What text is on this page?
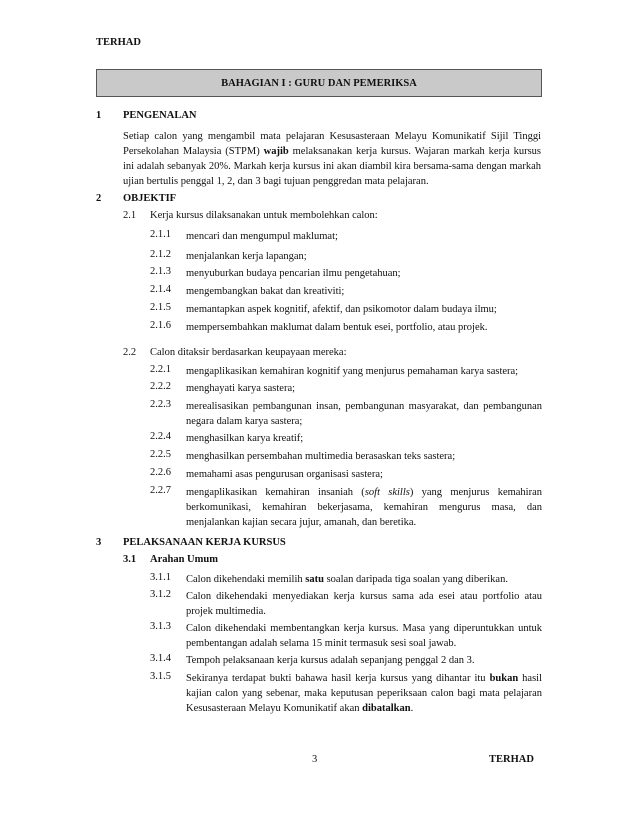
TERHAD
BAHAGIAN I : GURU DAN PEMERIKSA
1 PENGENALAN
Setiap calon yang mengambil mata pelajaran Kesusasteraan Melayu Komunikatif Sijil Tinggi Persekolahan Malaysia (STPM) wajib melaksanakan kerja kursus. Wajaran markah kerja kursus ini adalah sebanyak 20%. Markah kerja kursus ini akan diambil kira bersama-sama dengan markah ujian bertulis penggal 1, 2, dan 3 bagi tujuan penggredan mata pelajaran.
2 OBJEKTIF
2.1 Kerja kursus dilaksanakan untuk membolehkan calon:
2.1.1	mencari dan mengumpul maklumat;
2.1.2	menjalankan kerja lapangan;
2.1.3	menyuburkan budaya pencarian ilmu pengetahuan;
2.1.4	mengembangkan bakat dan kreativiti;
2.1.5	memantapkan aspek kognitif, afektif, dan psikomotor dalam budaya ilmu;
2.1.6	mempersembahkan maklumat dalam bentuk esei, portfolio, atau projek.
2.2 Calon ditaksir berdasarkan keupayaan mereka:
2.2.1	mengaplikasikan kemahiran kognitif yang menjurus pemahaman karya sastera;
2.2.2	menghayati karya sastera;
2.2.3	merealisasikan pembangunan insan, pembangunan masyarakat, dan pembangunan negara dalam karya sastera;
2.2.4	menghasilkan karya kreatif;
2.2.5	menghasilkan persembahan multimedia berasaskan teks sastera;
2.2.6	memahami asas pengurusan organisasi sastera;
2.2.7	mengaplikasikan kemahiran insaniah (soft skills) yang menjurus kemahiran berkomunikasi, kemahiran bekerjasama, kemahiran mengurus masa, dan menjalankan kajian secara jujur, amanah, dan beretika.
3 PELAKSANAAN KERJA KURSUS
3.1 Arahan Umum
3.1.1	Calon dikehendaki memilih satu soalan daripada tiga soalan yang diberikan.
3.1.2	Calon dikehendaki menyediakan kerja kursus sama ada esei atau portfolio atau projek multimedia.
3.1.3	Calon dikehendaki membentangkan kerja kursus. Masa yang diperuntukkan untuk pembentangan adalah selama 15 minit termasuk sesi soal jawab.
3.1.4	Tempoh pelaksanaan kerja kursus adalah sepanjang penggal 2 dan 3.
3.1.5	Sekiranya terdapat bukti bahawa hasil kerja kursus yang dihantar itu bukan hasil kajian calon yang sebenar, maka keputusan peperiksaan calon bagi mata pelajaran Kesusasteraan Melayu Komunikatif akan dibatalkan.
3	TERHAD
